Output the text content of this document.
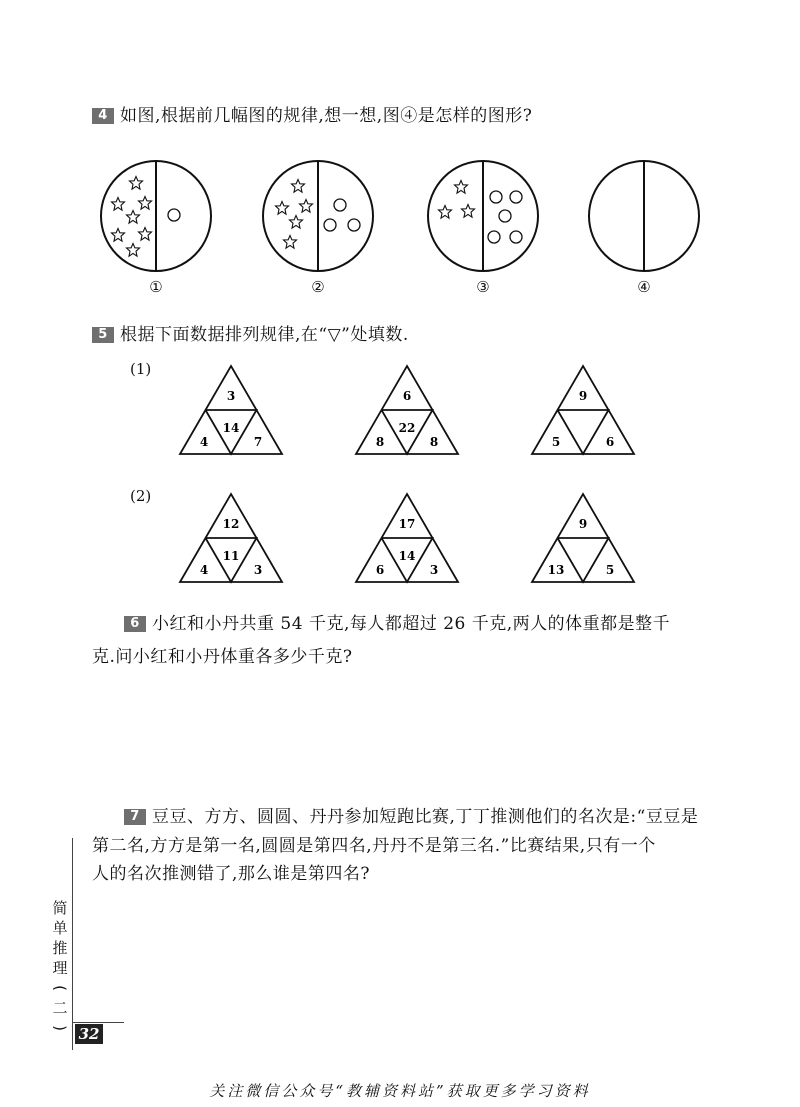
4 如图,根据前几幅图的规律,想一想,图④是怎样的图形?
①	②	③	④
5 根据下面数据排列规律,在“▽”处填数.
(1)
(2)
3
14
4	7
6
22
8	8
9
5	6
12
11
4	3
17
14
6	3
9
13	5
6 小红和小丹共重 54 千克,每人都超过 26 千克,两人的体重都是整千
克.问小红和小丹体重各多少千克?
7 豆豆、方方、圆圆、丹丹参加短跑比赛,丁丁推测他们的名次是:“豆豆是
第二名,方方是第一名,圆圆是第四名,丹丹不是第三名.”比赛结果,只有一个
人的名次推测错了,那么谁是第四名?
简
单
推
理
(
二
) 32
关注微信公众号“教辅资料站”获取更多学习资料
